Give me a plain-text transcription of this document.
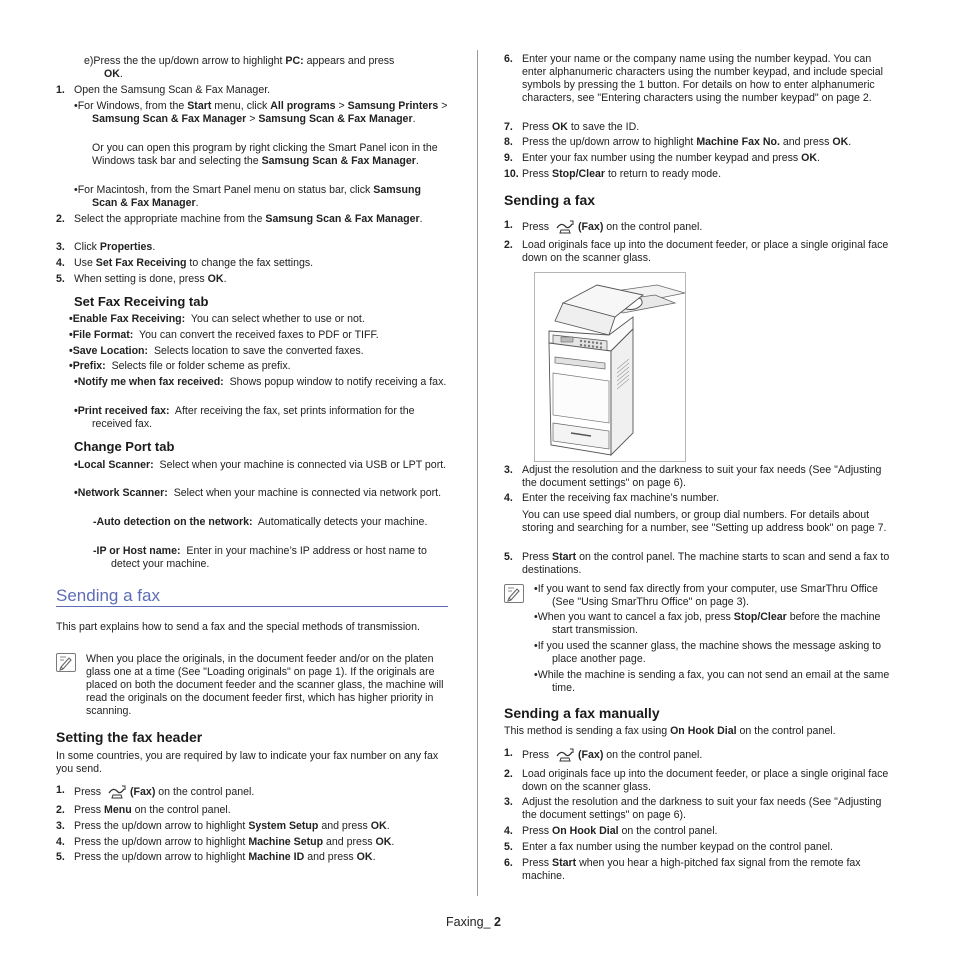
e)Press the the up/down arrow to highlight PC: appears and press
OK.

1. Open the Samsung Scan & Fax Manager.

•For Windows, from the Start menu, click All programs > Samsung Printers > Samsung Scan & Fax Manager > Samsung Scan & Fax Manager.

Or you can open this program by right clicking the Smart Panel icon in the Windows task bar and selecting the Samsung Scan & Fax Manager.

•For Macintosh, from the Smart Panel menu on status bar, click Samsung Scan & Fax Manager.

2. Select the appropriate machine from the Samsung Scan & Fax Manager.

3. Click Properties.

4. Use Set Fax Receiving to change the fax settings.

5. When setting is done, press OK.

Set Fax Receiving tab

•Enable Fax Receiving: You can select whether to use or not.

•File Format: You can convert the received faxes to PDF or TIFF.

•Save Location: Selects location to save the converted faxes.

•Prefix: Selects file or folder scheme as prefix.

•Notify me when fax received: Shows popup window to notify receiving a fax.

•Print received fax: After receiving the fax, set prints information for the received fax.

Change Port tab

•Local Scanner: Select when your machine is connected via USB or LPT port.

•Network Scanner: Select when your machine is connected via network port.

-Auto detection on the network: Automatically detects your machine.

-IP or Host name: Enter in your machine’s IP address or host name to detect your machine.

Sending a fax

This part explains how to send a fax and the special methods of transmission.

When you place the originals, in the document feeder and/or on the platen glass one at a time (See "Loading originals" on page 1). If the originals are placed on both the document feeder and the scanner glass, the machine will read the originals on the document feeder first, which has higher priority in scanning.

Setting the fax header

In some countries, you are required by law to indicate your fax number on any fax you send.

1. Press
(Fax) on the control panel.

2. Press Menu on the control panel.

3. Press the up/down arrow to highlight System Setup and press OK.

4. Press the up/down arrow to highlight Machine Setup and press OK.

5. Press the up/down arrow to highlight Machine ID and press OK.

6. Enter your name or the company name using the number keypad. You can enter alphanumeric characters using the number keypad, and include special symbols by pressing the 1 button. For details on how to enter alphanumeric characters, see "Entering characters using the number keypad" on page 2.

7. Press OK to save the ID.

8. Press the up/down arrow to highlight Machine Fax No. and press OK.

9. Enter your fax number using the number keypad and press OK.

10. Press Stop/Clear to return to ready mode.

Sending a fax

1. Press
(Fax) on the control panel.

2. Load originals face up into the document feeder, or place a single original face down on the scanner glass.

3. Adjust the resolution and the darkness to suit your fax needs (See "Adjusting the document settings" on page 6).

4. Enter the receiving fax machine’s number.

You can use speed dial numbers, or group dial numbers. For details about storing and searching for a number, see "Setting up address book" on page 7.

5. Press Start on the control panel. The machine starts to scan and send a fax to destinations.

•If you want to send fax directly from your computer, use SmarThru Office (See "Using SmarThru Office" on page 3).

•When you want to cancel a fax job, press Stop/Clear before the machine start transmission.

•If you used the scanner glass, the machine shows the message asking to place another page.

•While the machine is sending a fax, you can not send an email at the same time.

Sending a fax manually

This method is sending a fax using On Hook Dial on the control panel.

1. Press
(Fax) on the control panel.

2. Load originals face up into the document feeder, or place a single original face down on the scanner glass.

3. Adjust the resolution and the darkness to suit your fax needs (See "Adjusting the document settings" on page 6).

4. Press On Hook Dial on the control panel.

5. Enter a fax number using the number keypad on the control panel.

6. Press Start when you hear a high-pitched fax signal from the remote fax machine.

Faxing_ 2
